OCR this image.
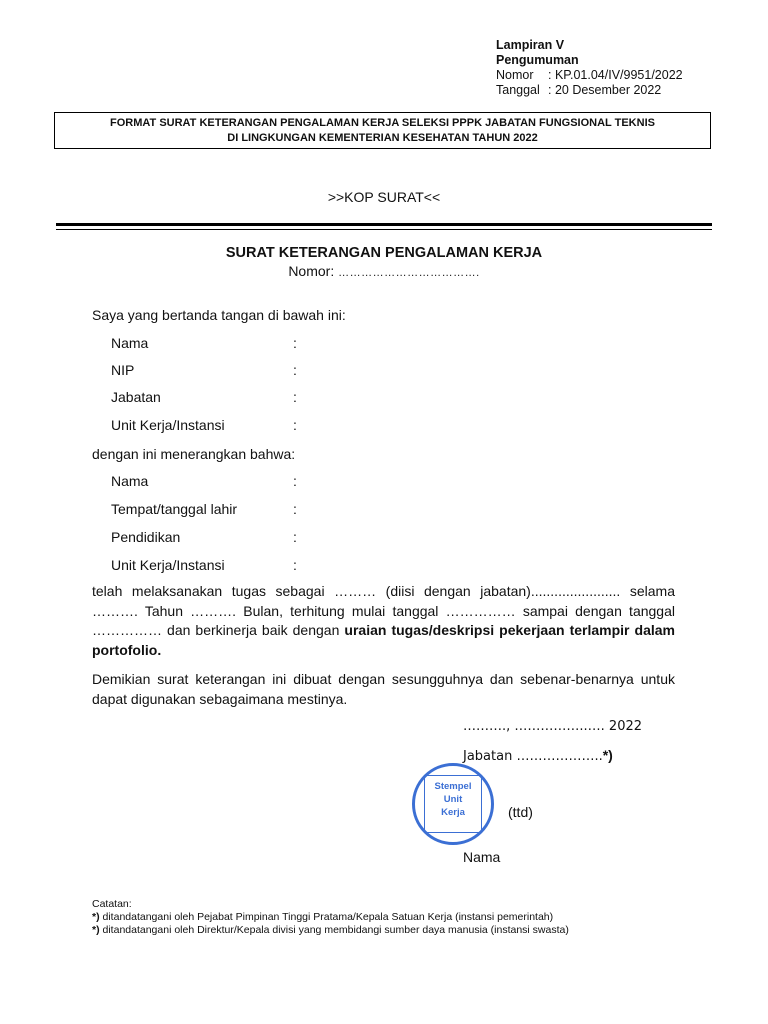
Lampiran V
Pengumuman
Nomor	: KP.01.04/IV/9951/2022
Tanggal : 20 Desember 2022
FORMAT SURAT KETERANGAN PENGALAMAN KERJA SELEKSI PPPK JABATAN FUNGSIONAL TEKNIS
DI LINGKUNGAN KEMENTERIAN KESEHATAN TAHUN 2022
>>KOP SURAT<<
SURAT KETERANGAN PENGALAMAN KERJA
Nomor: ……………………………….
Saya yang bertanda tangan di bawah ini:
Nama	:
NIP	:
Jabatan	:
Unit Kerja/Instansi	:
dengan ini menerangkan bahwa:
Nama	:
Tempat/tanggal lahir	:
Pendidikan	:
Unit Kerja/Instansi	:
telah melaksanakan tugas sebagai ……… (diisi dengan jabatan)....................... selama ………. Tahun ………. Bulan, terhitung mulai tanggal …………… sampai dengan tanggal …………… dan berkinerja baik dengan uraian tugas/deskripsi pekerjaan terlampir dalam portofolio.
Demikian surat keterangan ini dibuat dengan sesungguhnya dan sebenar-benarnya untuk dapat digunakan sebagaimana mestinya.
………., ……………..…. 2022
Jabatan ………………..*)
Stempel
Unit
Kerja	(ttd)
Nama
Catatan:
*) ditandatangani oleh Pejabat Pimpinan Tinggi Pratama/Kepala Satuan Kerja (instansi pemerintah)
*) ditandatangani oleh Direktur/Kepala divisi yang membidangi sumber daya manusia (instansi swasta)
